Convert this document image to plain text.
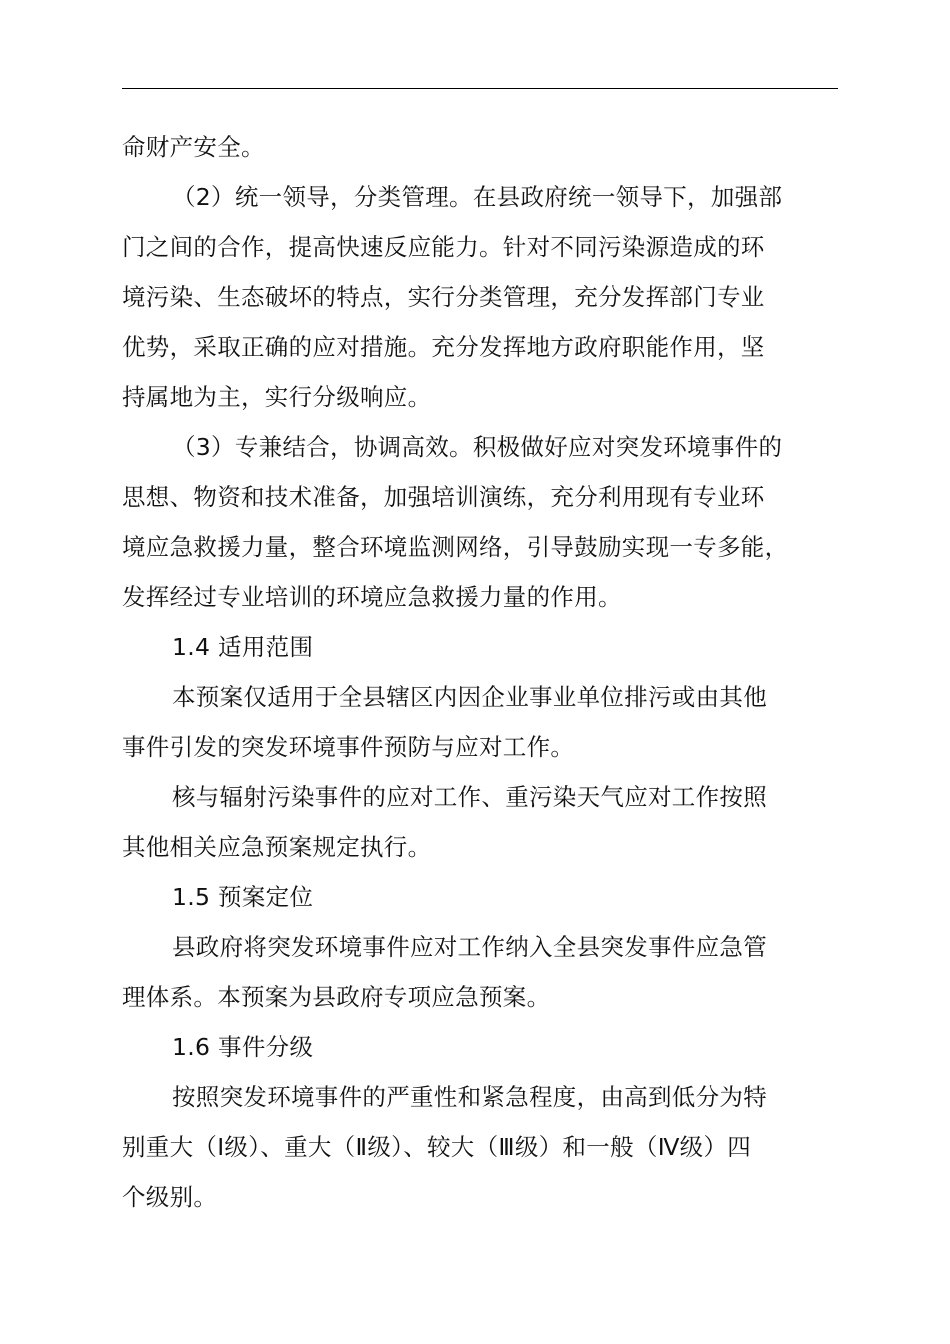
命财产安全。
（2）统一领导，分类管理。在县政府统一领导下，加强部
门之间的合作，提高快速反应能力。针对不同污染源造成的环
境污染、生态破坏的特点，实行分类管理，充分发挥部门专业
优势，采取正确的应对措施。充分发挥地方政府职能作用，坚
持属地为主，实行分级响应。
（3）专兼结合，协调高效。积极做好应对突发环境事件的
思想、物资和技术准备，加强培训演练，充分利用现有专业环
境应急救援力量，整合环境监测网络，引导鼓励实现一专多能，
发挥经过专业培训的环境应急救援力量的作用。
1.4 适用范围
本预案仅适用于全县辖区内因企业事业单位排污或由其他
事件引发的突发环境事件预防与应对工作。
核与辐射污染事件的应对工作、重污染天气应对工作按照
其他相关应急预案规定执行。
1.5 预案定位
县政府将突发环境事件应对工作纳入全县突发事件应急管
理体系。本预案为县政府专项应急预案。
1.6 事件分级
按照突发环境事件的严重性和紧急程度，由高到低分为特
别重大（Ⅰ级）、重大（Ⅱ级）、较大（Ⅲ级）和一般（Ⅳ级）四
个级别。
